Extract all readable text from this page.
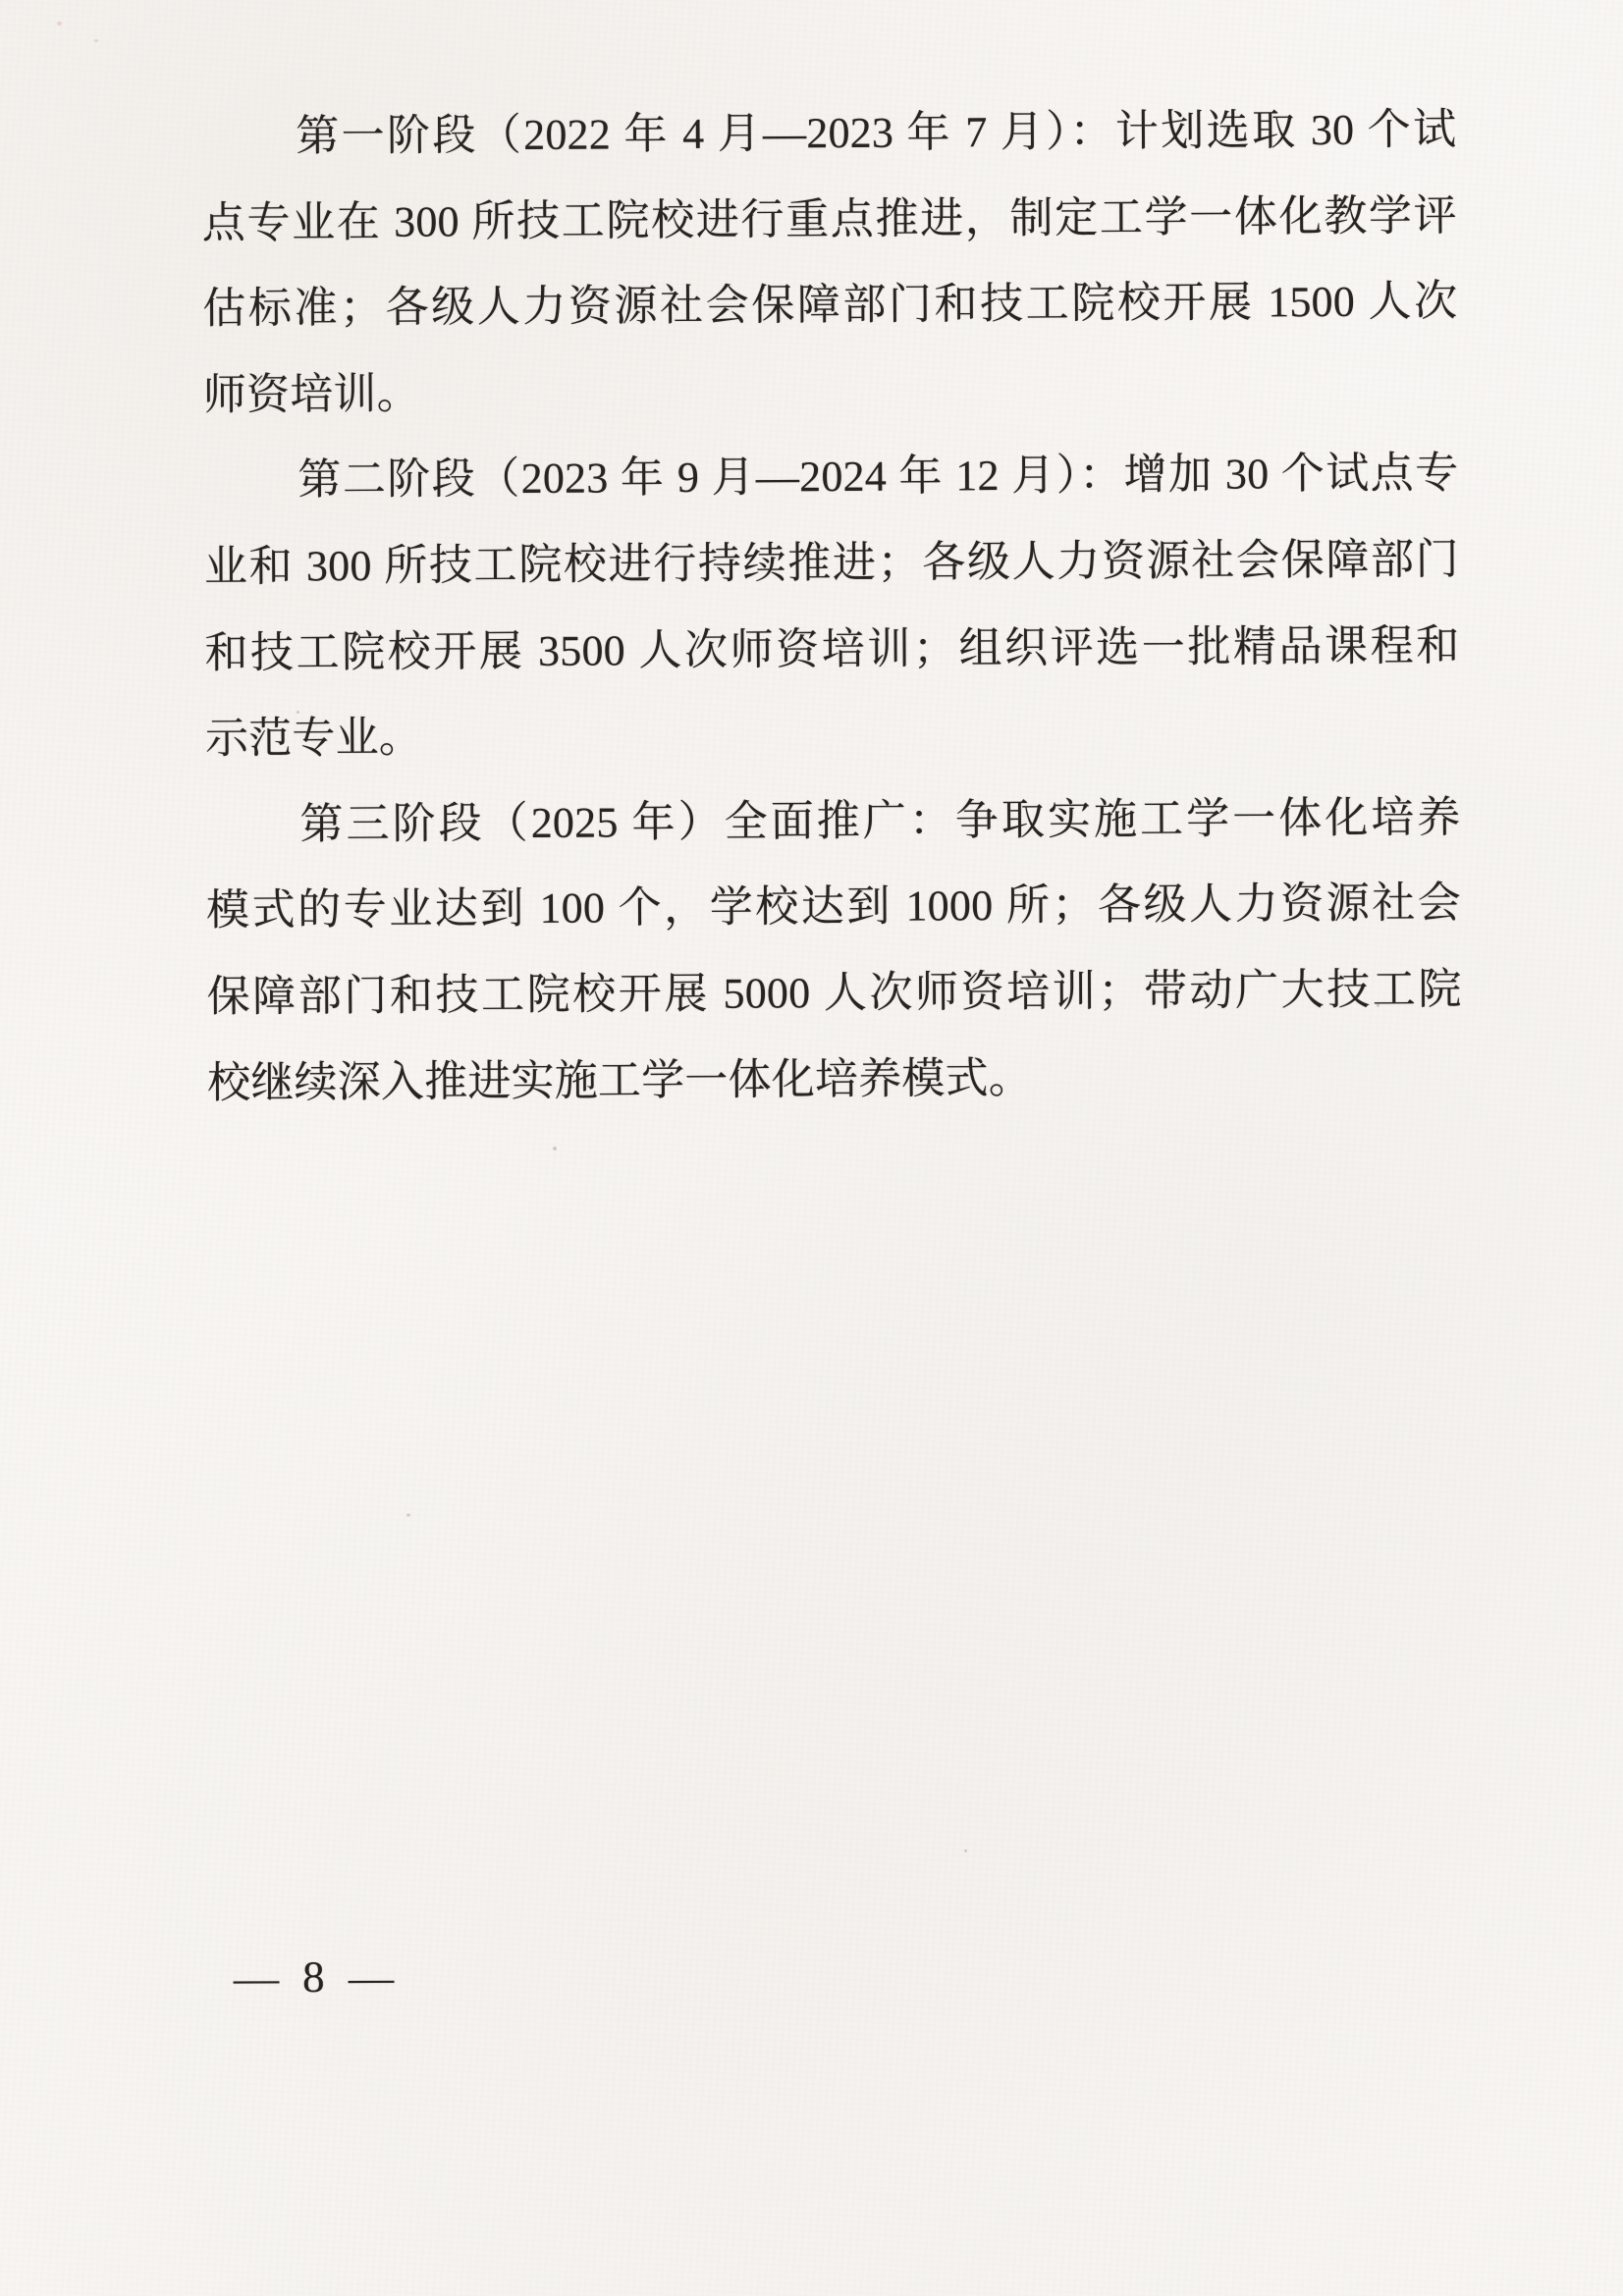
第一阶段（2022 年 4 月—2023 年 7 月）：计划选取 30 个试
点专业在 300 所技工院校进行重点推进，制定工学一体化教学评
估标准；各级人力资源社会保障部门和技工院校开展 1500 人次
师资培训。
第二阶段（2023 年 9 月—2024 年 12 月）：增加 30 个试点专
业和 300 所技工院校进行持续推进；各级人力资源社会保障部门
和技工院校开展 3500 人次师资培训；组织评选一批精品课程和
示范专业。
第三阶段（2025 年）全面推广：争取实施工学一体化培养
模式的专业达到 100 个，学校达到 1000 所；各级人力资源社会
保障部门和技工院校开展 5000 人次师资培训；带动广大技工院
校继续深入推进实施工学一体化培养模式。
— 8 —
